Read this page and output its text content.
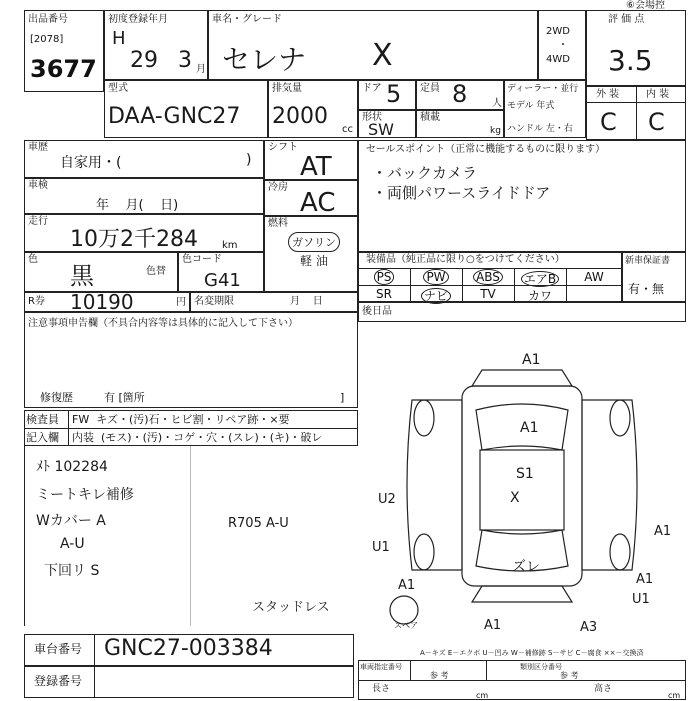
出品番号
[2078]
3677
初度登録年月
H
29 3 月
車名・グレード
セレナ X
2WD
・
4WD
評 価 点
3.5
⑥会場控
外 装	内 装
C C
型式
DAA-GNC27
排気量
2000
cc
ドア 5 定員 8 人
形状
SW
積載
kg
ディーラー・並行
モデル 年式
ハンドル 左・右
車歴
自家用・(	)
車検
年    月(    日)
走行
10万2千284 km
色
黒	色替
色コード
G41
R券 10190	円 名変期限	月    日
シフト
AT
冷房
AC
燃料
ガソリン
軽 油
セールスポイント（正常に機能するものに限ります）
・バックカメラ
・両側パワースライドドア
装備品（純正品に限り○をつけてください）
PS	PW	ABS	エアB	AW
SR	ナビ	TV	カワ
新車保証書
有・無
後日品
注意事項申告欄（不具合内容等は具体的に記入して下さい）
修復歴	有 [箇所	]
検査員
記入欄
FW  キズ・(汚)石・ヒビ割・リペア跡・×要
内装  (モス)・(汚)・コゲ・穴・(スレ)・(キ)・破レ
ﾒﾄ 102284
ミートキレ補修
Wカバー A
A-U
下回リ S
R705 A-U
スタッドレス
A1
A1
S1
U2	X
U1
A1
ズレ
A1	A1
U1
A1	A3
スペア
A－キズ E－エクボ U－凹み W－補修跡 S－サビ C－腐食 ××－交換済
車台番号 GNC27-003384
登録番号
車両指定番号
参 考
類別区分番号
参 考
長さ
cm
高さ
cm
